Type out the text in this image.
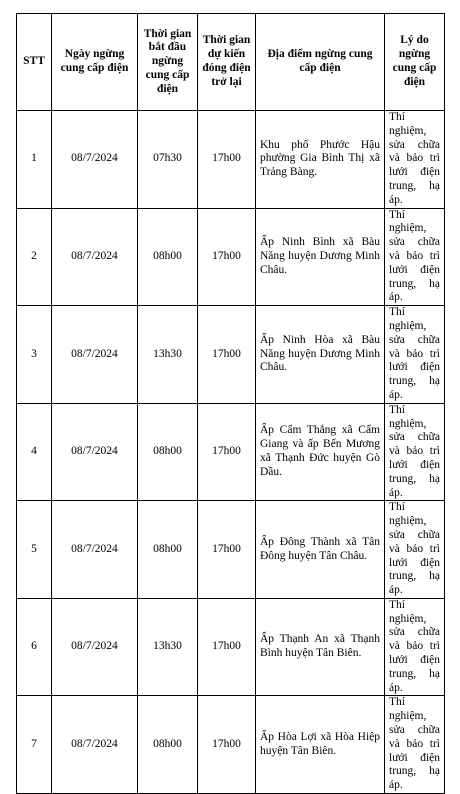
STT	Ngày ngừng cung cấp điện	Thời gian bắt đầu ngừng cung cấp điện	Thời gian dự kiến đóng điện trở lại	Địa điểm ngừng cung cấp điện	Lý do ngừng cung cấp điện
1	08/7/2024	07h30	17h00	Khu phố Phước Hậu phường Gia Bình Thị xã Trảng Bàng.	Thí nghiệm, sửa chữa và bảo trì lưới điện trung, hạ áp.
2	08/7/2024	08h00	17h00	Ấp Ninh Bình xã Bàu Năng huyện Dương Minh Châu.	Thí nghiệm, sửa chữa và bảo trì lưới điện trung, hạ áp.
3	08/7/2024	13h30	17h00	Ấp Ninh Hòa xã Bàu Năng huyện Dương Minh Châu.	Thí nghiệm, sửa chữa và bảo trì lưới điện trung, hạ áp.
4	08/7/2024	08h00	17h00	Ấp Cẩm Thắng xã Cẩm Giang và ấp Bến Mương xã Thạnh Đức huyện Gò Dầu.	Thí nghiệm, sửa chữa và bảo trì lưới điện trung, hạ áp.
5	08/7/2024	08h00	17h00	Ấp Đông Thành xã Tân Đông huyện Tân Châu.	Thí nghiệm, sửa chữa và bảo trì lưới điện trung, hạ áp.
6	08/7/2024	13h30	17h00	Ấp Thạnh An xã Thạnh Bình huyện Tân Biên.	Thí nghiệm, sửa chữa và bảo trì lưới điện trung, hạ áp.
7	08/7/2024	08h00	17h00	Ấp Hòa Lợi xã Hòa Hiệp huyện Tân Biên.	Thí nghiệm, sửa chữa và bảo trì lưới điện trung, hạ áp.
